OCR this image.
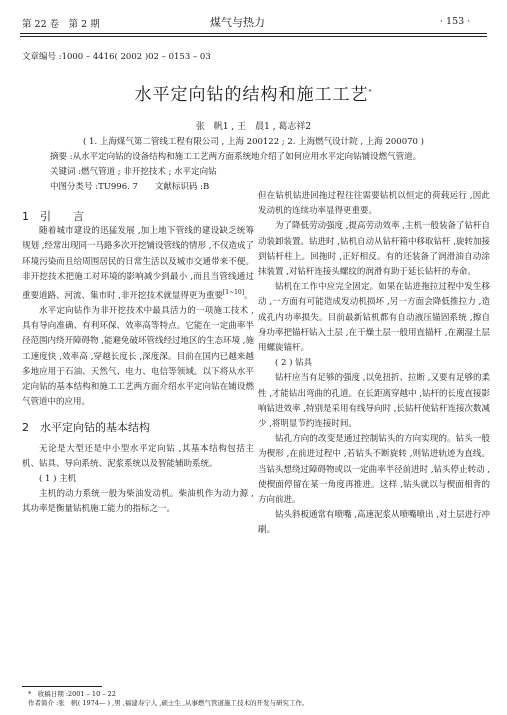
第 22 卷　第 2 期	煤气与热力	· 153 ·
文章编号 :1000 – 4416( 2002 )02 – 0153 – 03
水平定向钻的结构和施工工艺*
张　帆1 , 王　晨1 , 葛志祥2
( 1. 上海煤气第二管线工程有限公司 , 上海 200122 ; 2. 上海燃气设计院 , 上海 200070 )

1　引　　言

随着城市建设的迅猛发展 ,加上地下管线的建设缺乏统筹规划 ,经常出现同一马路多次开挖铺设管线的情形 ,不仅造成了环境污染而且给周围居民的日常生活以及城市交通带来不便。非开挖技术把施工对环境的影响减少到最小 ,而且当管线通过重要道路、河流、集市时 ,非开挖技术就显得更为重要[1~10]。

水平定向钻作为非开挖技术中最具活力的一项施工技术 ,具有导向准确、有利环保、效率高等特点。它能在一定曲率半径范围内绕开障碍物 ,能避免破坏管线经过地区的生态环境 ,施工速度快 ,效率高 ,穿越长度长 ,深度深。目前在国内已越来越多地应用于石油、天然气、电力、电信等领域。以下将从水平定向钻的基本结构和施工工艺两方面介绍水平定向钻在铺设燃气管道中的应用。

2　水平定向钻的基本结构

无论是大型还是中小型水平定向钻 ,其基本结构包括主机、钻具、导向系统、泥浆系统以及智能辅助系统。

( 1 ) 主机

主机的动力系统一般为柴油发动机。柴油机作为动力源 ,其功率是衡量钻机施工能力的指标之一。

但在钻机钻进回拖过程往往需要钻机以恒定的荷载运行 ,因此发动机的连续功率显得更重要。

为了降低劳动强度 ,提高劳动效率 ,主机一般装备了钻杆自动装卸装置。钻进时 ,钻机自动从钻杆箱中移取钻杆 ,旋转加接到钻杆柱上。回拖时 ,正好相反。有的还装备了润滑油自动涂抹装置 ,对钻杆连接头螺纹的润滑有助于延长钻杆的寿命。

钻机在工作中应完全固定。如果在钻进拖拉过程中发生移动 ,一方面有可能造成发动机损坏 ,另一方面会降低推拉力 ,造成孔内功率损失。目前最新钻机都有自动液压锚固系统 ,擦自身功率把锚杆钻入土层 ,在干燥土层一般用直锚杆 ,在潮湿土层用螺旋锚杆。

( 2 ) 钻具

钻杆应当有足够的强度 ,以免扭折、拉断 ,又要有足够的柔性 ,才能钻出弯曲的孔道。在长距离穿越中 ,钻杆的长度直接影响钻进效率 ,特别是采用有线导向时 ,长钻杆使钻杆连接次数减少 ,将明显节约连接时间。

钻孔方向的改变是通过控制钻头的方向实现的。钻头一般为楔形 ,在前进过程中 ,若钻头不断旋转 ,则钻进轨迹为直线。当钻头想绕过障碍物或以一定曲率半径前进时 ,钻头停止转动 ,使楔面停留在某一角度再推进。这样 ,钻头就以与楔面相背的方向前进。

钻头斜板通常有喷嘴 ,高速泥浆从喷嘴喷出 ,对土层进行冲刷。

*　收稿日期 :2001 – 10 – 22
作者简介 :张　帆( 1974— ) ,男 ,福建寿宁人 ,硕士生 ,从事燃气管道施工技术的开发与研究工作。
摘要 :从水平定向钻的设备结构和施工工艺两方面系统地介绍了如何应用水平定向钻铺设燃气管道。
关键词 :燃气管道 ; 非开挖技术 ; 水平定向钻
中图分类号 :TU996. 7　　文献标识码 :B
